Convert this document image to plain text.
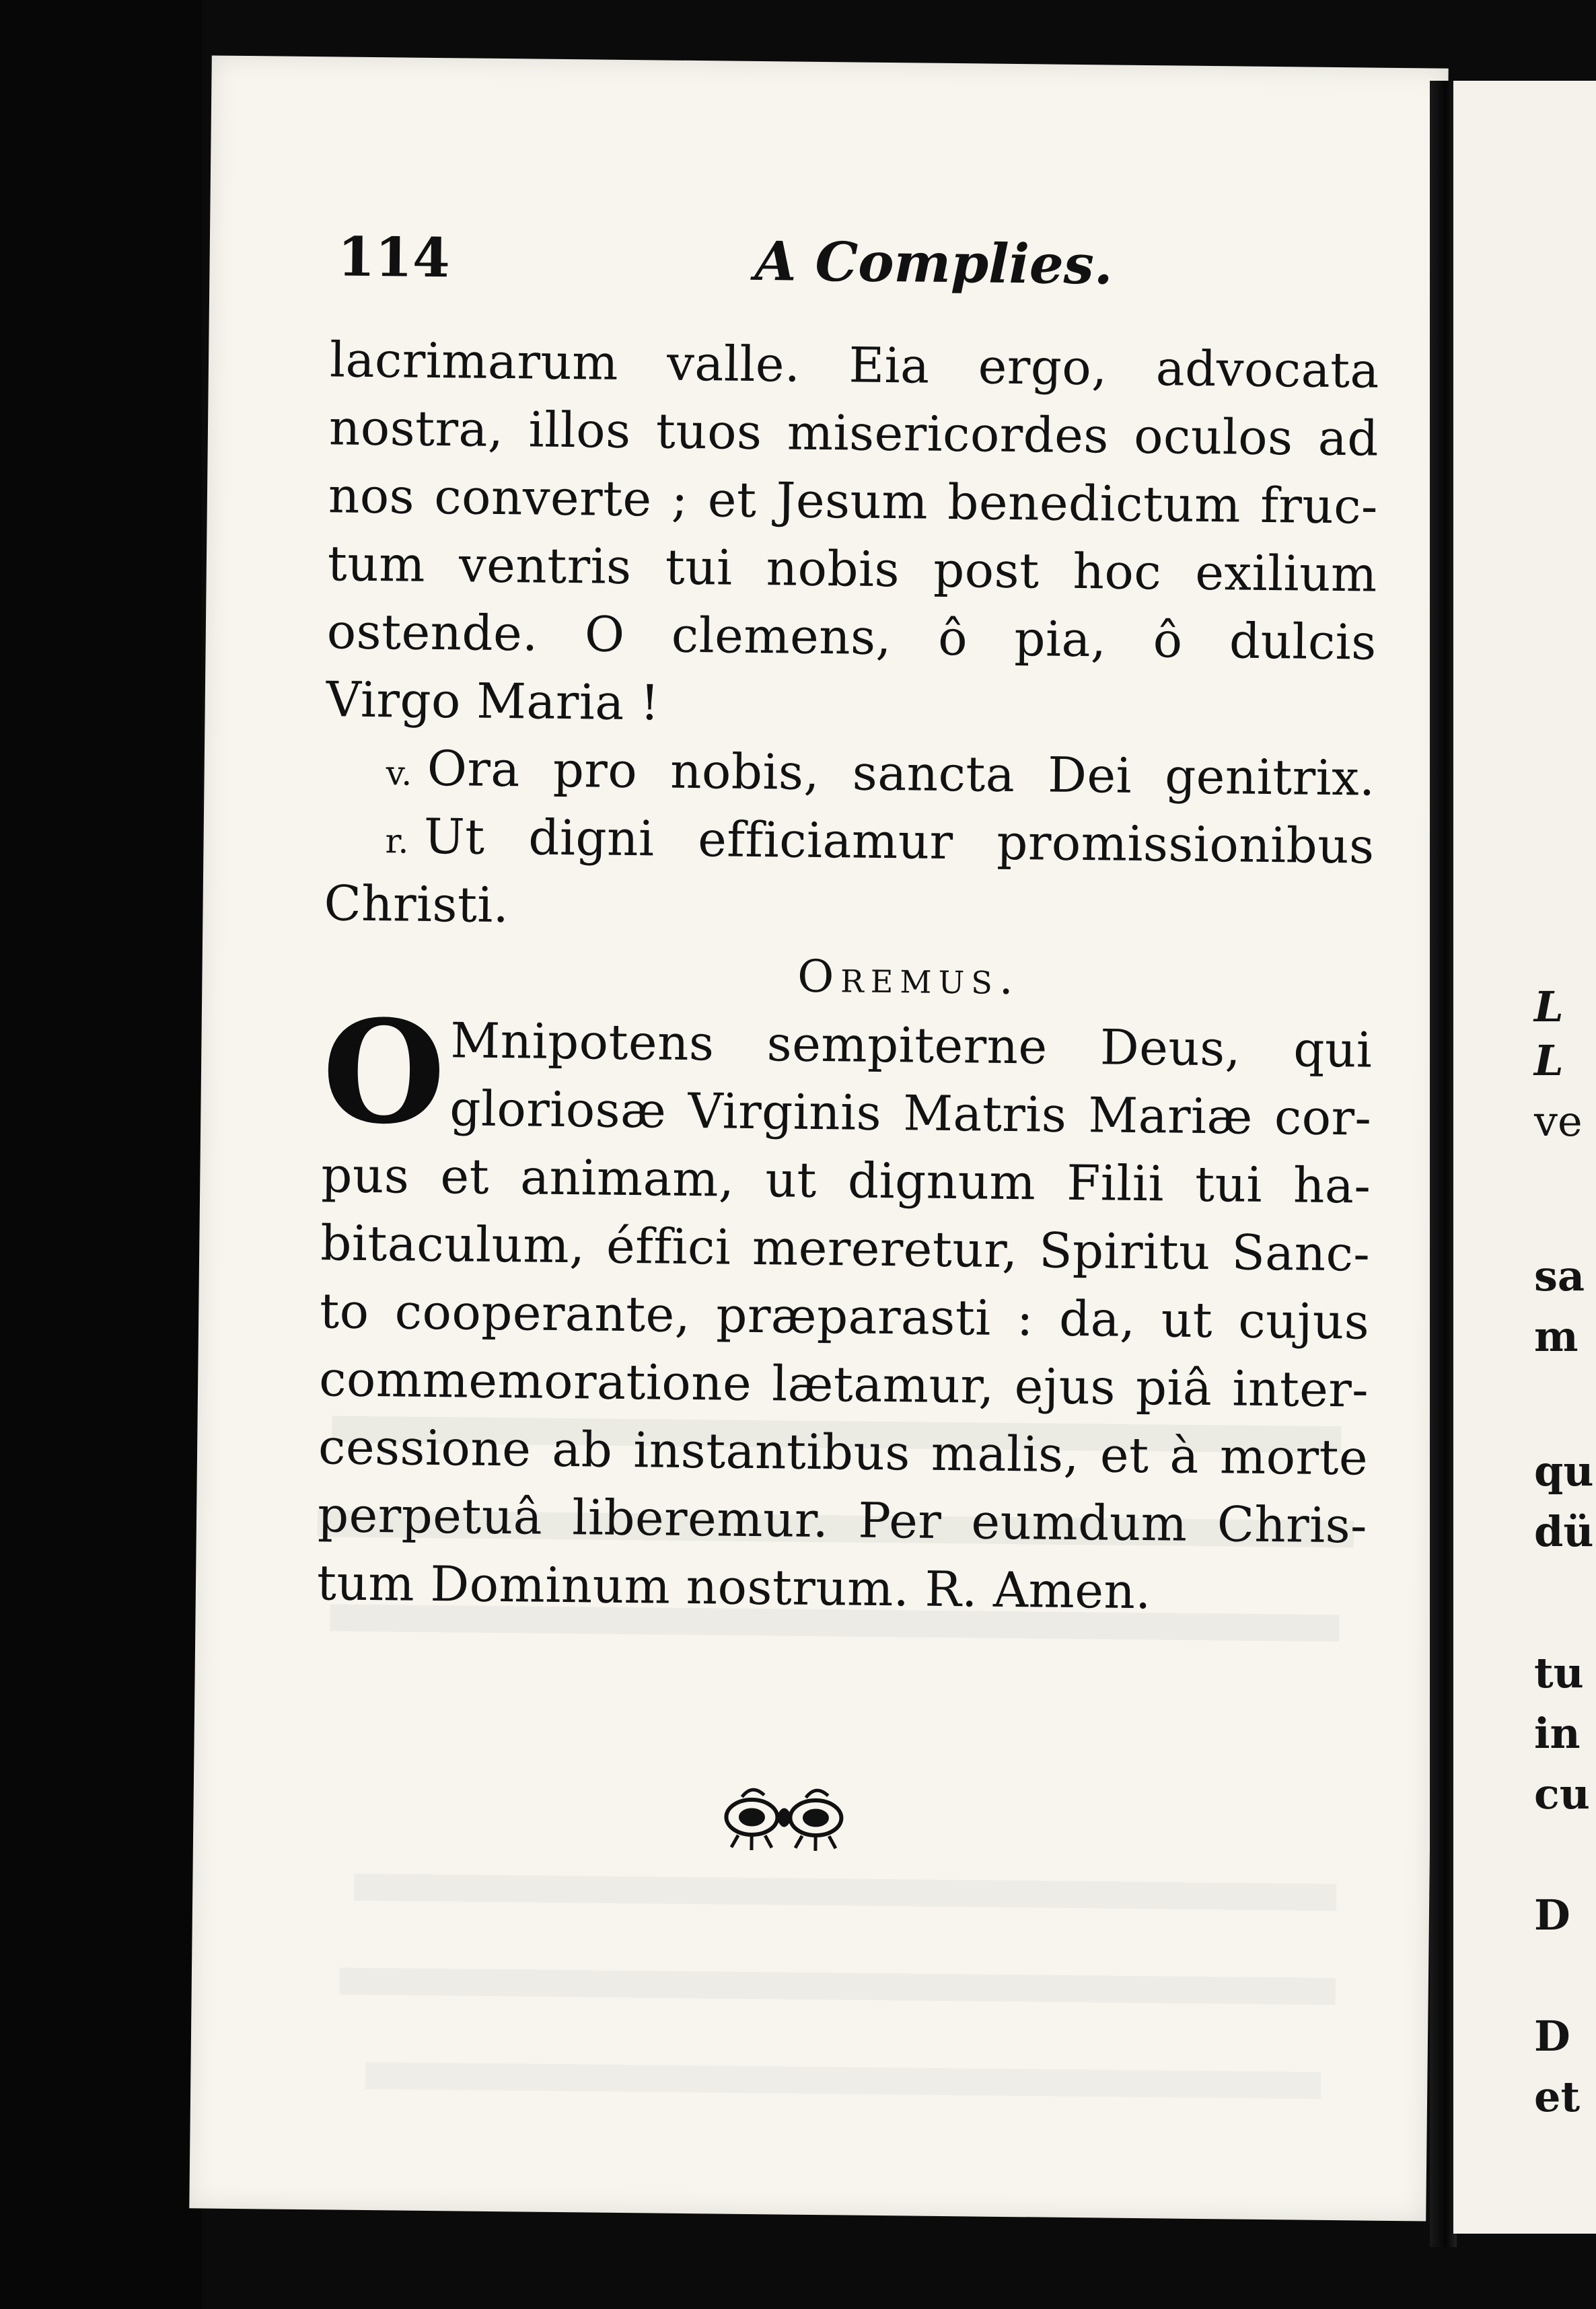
114	A Complies.
lacrimarum valle. Eia ergo, advocata
nostra, illos tuos misericordes oculos ad
nos converte ; et Jesum benedictum fruc-
tum ventris tui nobis post hoc exilium
ostende. O clemens, ô pia, ô dulcis
Virgo Maria !
v. Ora pro nobis, sancta Dei genitrix.
r. Ut digni efficiamur promissionibus
Christi.
Oremus.
O Mnipotens sempiterne Deus, qui
gloriosæ Virginis Matris Mariæ cor-
pus et animam, ut dignum Filii tui ha-
bitaculum, éffici mereretur, Spiritu Sanc-
to cooperante, præparasti : da, ut cujus
commemoratione lætamur, ejus piâ inter-
cessione ab instantibus malis, et à morte
perpetuâ liberemur. Per eumdum Chris-
tum Dominum nostrum. R. Amen.
L
L
ve
sa
m
qu
dü
tu
in
cu
D
D
et
